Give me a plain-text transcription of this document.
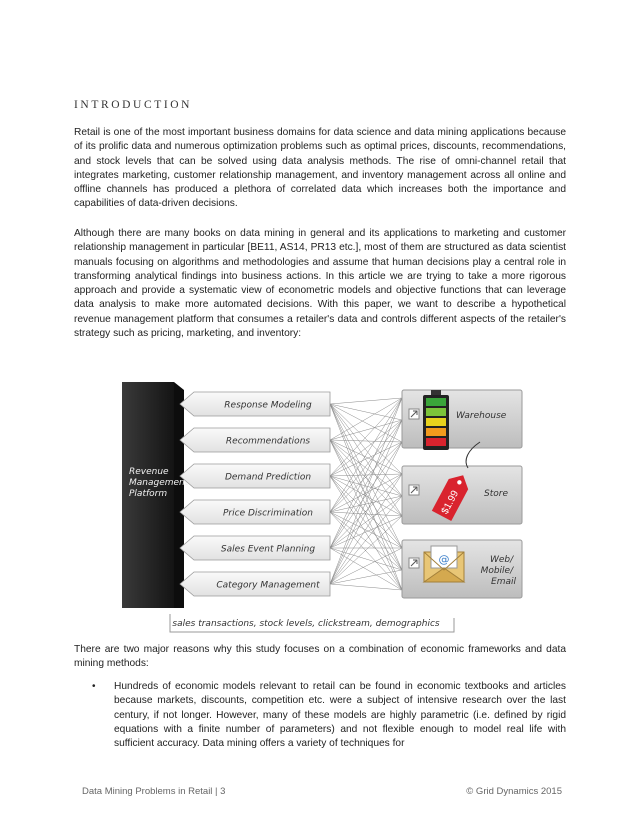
INTRODUCTION

Retail is one of the most important business domains for data science and data mining applications because of its prolific data and numerous optimization problems such as optimal prices, discounts, recommendations, and stock levels that can be solved using data analysis methods. The rise of omni-channel retail that integrates marketing, customer relationship management, and inventory management across all online and offline channels has produced a plethora of correlated data which increases both the importance and capabilities of data-driven decisions.

Although there are many books on data mining in general and its applications to marketing and customer relationship management in particular [BE11, AS14, PR13 etc.], most of them are structured as data scientist manuals focusing on algorithms and methodologies and assume that human decisions play a central role in transforming analytical findings into business actions. In this article we are trying to take a more rigorous approach and provide a systematic view of econometric models and objective functions that can leverage data analysis to make more automated decisions. With this paper, we want to describe a hypothetical revenue management platform that consumes a retailer's data and controls different aspects of the retailer's strategy such as pricing, marketing, and inventory:

sales transactions, stock levels, clickstream, demographics
Revenue Management Platform
Response Modeling
Recommendations
Demand Prediction
Price Discrimination
Sales Event Planning
Category Management
Warehouse
$1.99	Store
@	Web/ Mobile/ Email

There are two major reasons why this study focuses on a combination of economic frameworks and data mining methods:

• Hundreds of economic models relevant to retail can be found in economic textbooks and articles because markets, discounts, competition etc. were a subject of intensive research over the last century, if not longer. However, many of these models are highly parametric (i.e. defined by rigid equations with a finite number of parameters) and not flexible enough to model real life with sufficient accuracy. Data mining offers a variety of techniques for

Data Mining Problems in Retail | 3	© Grid Dynamics 2015
